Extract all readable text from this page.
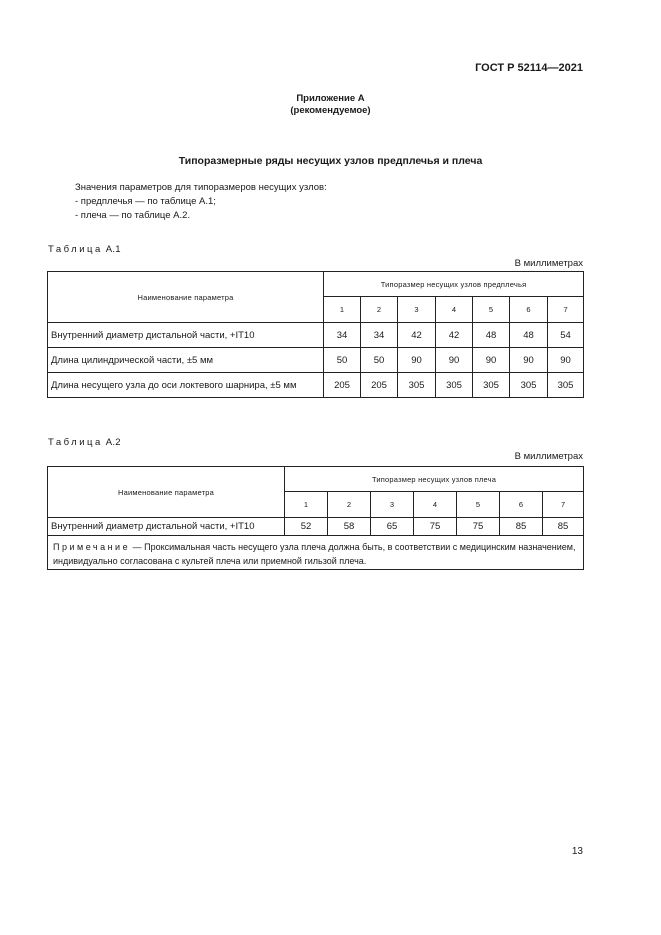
ГОСТ Р 52114—2021
Приложение А
(рекомендуемое)
Типоразмерные ряды несущих узлов предплечья и плеча
Значения параметров для типоразмеров несущих узлов:
- предплечья — по таблице А.1;
- плеча — по таблице А.2.
Таблица А.1
В миллиметрах
Наименование параметра	Типоразмер несущих узлов предплечья						
	1	2	3	4	5	6	7
Внутренний диаметр дистальной части, +IT10	34	34	42	42	48	48	54
Длина цилиндрической части, ±5 мм	50	50	90	90	90	90	90
Длина несущего узла до оси локтевого шарнира, ±5 мм	205	205	305	305	305	305	305
Таблица А.2
В миллиметрах
Наименование параметра	Типоразмер несущих узлов плеча						
	1	2	3	4	5	6	7
Внутренний диаметр дистальной части, +IT10	52	58	65	75	75	85	85
Примечание — Проксимальная часть несущего узла плеча должна быть, в соответствии с медицинским назначением, индивидуально согласована с культей плеча или приемной гильзой плеча.							
13
